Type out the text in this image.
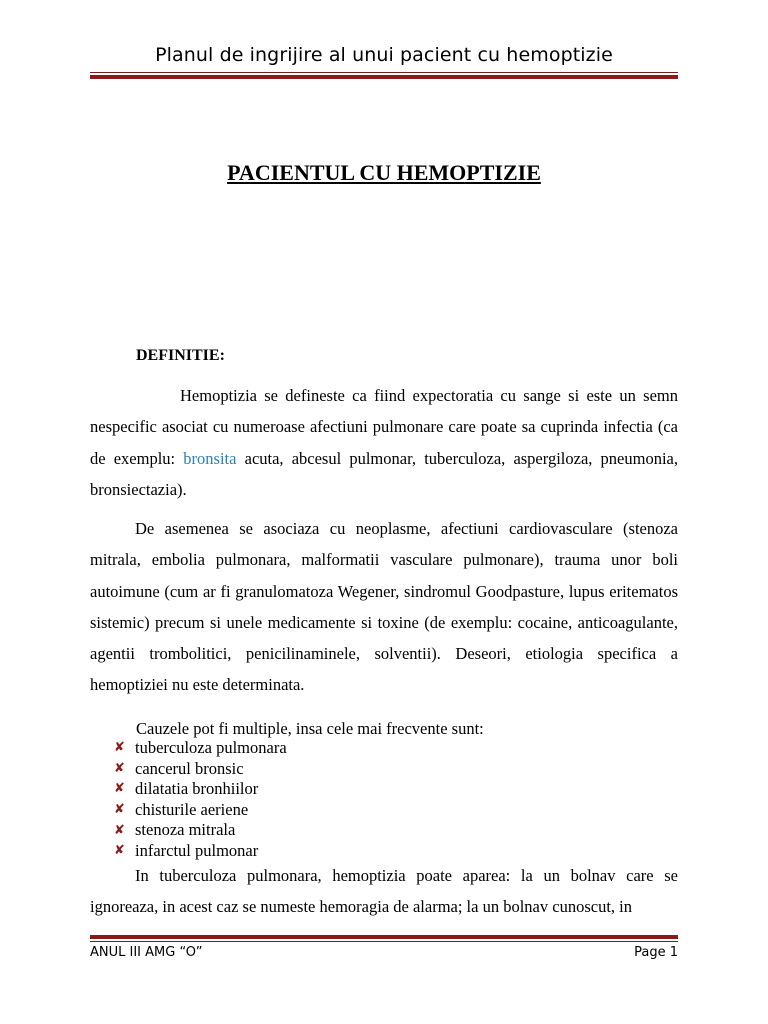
Planul de ingrijire al unui pacient cu hemoptizie
PACIENTUL CU HEMOPTIZIE
DEFINITIE:

Hemoptizia se defineste ca fiind expectoratia cu sange si este un semn nespecific asociat cu numeroase afectiuni pulmonare care poate sa cuprinda infectia (ca de exemplu: bronsita acuta, abcesul pulmonar, tuberculoza, aspergiloza, pneumonia, bronsiectazia).

De asemenea se asociaza cu neoplasme, afectiuni cardiovasculare (stenoza mitrala, embolia pulmonara, malformatii vasculare pulmonare), trauma unor boli autoimune (cum ar fi granulomatoza Wegener, sindromul Goodpasture, lupus eritematos sistemic) precum si unele medicamente si toxine (de exemplu: cocaine, anticoagulante, agentii trombolitici, penicilinaminele, solventii). Deseori, etiologia specifica a hemoptiziei nu este determinata.

Cauzele pot fi multiple, insa cele mai frecvente sunt:
✘ tuberculoza pulmonara
✘ cancerul bronsic
✘ dilatatia bronhiilor
✘ chisturile aeriene
✘ stenoza mitrala
✘ infarctul pulmonar

In tuberculoza pulmonara, hemoptizia poate aparea: la un bolnav care se ignoreaza, in acest caz se numeste hemoragia de alarma; la un bolnav cunoscut, in

ANUL III AMG “O”	Page 1
